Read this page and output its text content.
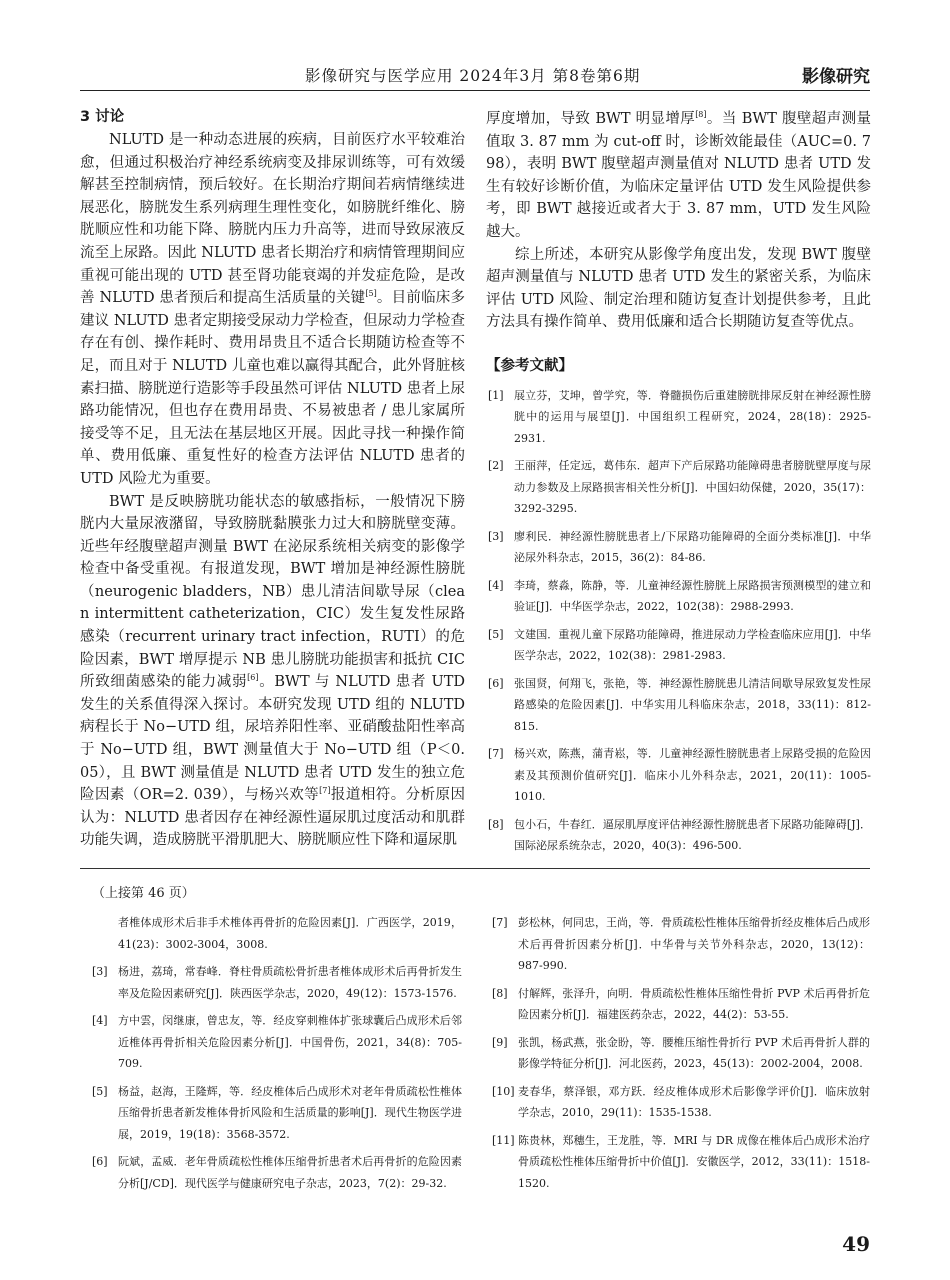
影像研究与医学应用 2024年3月 第8卷第6期	影像研究
3 讨论

NLUTD 是一种动态进展的疾病，目前医疗水平较难治愈，但通过积极治疗神经系统病变及排尿训练等，可有效缓解甚至控制病情，预后较好。在长期治疗期间若病情继续进展恶化，膀胱发生系列病理生理性变化，如膀胱纤维化、膀胱顺应性和功能下降、膀胱内压力升高等，进而导致尿液反流至上尿路。因此 NLUTD 患者长期治疗和病情管理期间应重视可能出现的 UTD 甚至肾功能衰竭的并发症危险，是改善 NLUTD 患者预后和提高生活质量的关键[5]。目前临床多建议 NLUTD 患者定期接受尿动力学检查，但尿动力学检查存在有创、操作耗时、费用昂贵且不适合长期随访检查等不足，而且对于 NLUTD 儿童也难以赢得其配合，此外肾脏核素扫描、膀胱逆行造影等手段虽然可评估 NLUTD 患者上尿路功能情况，但也存在费用昂贵、不易被患者 / 患儿家属所接受等不足，且无法在基层地区开展。因此寻找一种操作简单、费用低廉、重复性好的检查方法评估 NLUTD 患者的 UTD 风险尤为重要。

BWT 是反映膀胱功能状态的敏感指标，一般情况下膀胱内大量尿液潴留，导致膀胱黏膜张力过大和膀胱壁变薄。近些年经腹壁超声测量 BWT 在泌尿系统相关病变的影像学检查中备受重视。有报道发现，BWT 增加是神经源性膀胱（neurogenic bladders，NB）患儿清洁间歇导尿（clean intermittent catheterization，CIC）发生复发性尿路感染（recurrent urinary tract infection，RUTI）的危险因素，BWT 增厚提示 NB 患儿膀胱功能损害和抵抗 CIC 所致细菌感染的能力减弱[6]。BWT 与 NLUTD 患者 UTD 发生的关系值得深入探讨。本研究发现 UTD 组的 NLUTD 病程长于 No−UTD 组，尿培养阳性率、亚硝酸盐阳性率高于 No−UTD 组，BWT 测量值大于 No−UTD 组（P＜0. 05），且 BWT 测量值是 NLUTD 患者 UTD 发生的独立危险因素（OR=2. 039），与杨兴欢等[7]报道相符。分析原因认为：NLUTD 患者因存在神经源性逼尿肌过度活动和肌群功能失调，造成膀胱平滑肌肥大、膀胱顺应性下降和逼尿肌

厚度增加，导致 BWT 明显增厚[8]。当 BWT 腹壁超声测量值取 3. 87 mm 为 cut-off 时，诊断效能最佳（AUC=0. 798），表明 BWT 腹壁超声测量值对 NLUTD 患者 UTD 发生有较好诊断价值，为临床定量评估 UTD 发生风险提供参考，即 BWT 越接近或者大于 3. 87 mm，UTD 发生风险越大。

综上所述，本研究从影像学角度出发，发现 BWT 腹壁超声测量值与 NLUTD 患者 UTD 发生的紧密关系，为临床评估 UTD 风险、制定治理和随访复查计划提供参考，且此方法具有操作简单、费用低廉和适合长期随访复查等优点。

【参考文献】
[1] 展立芬，艾坤，曾学究，等．脊髓损伤后重建膀胱排尿反射在神经源性膀胱中的运用与展望[J]．中国组织工程研究，2024，28(18)：2925-2931.
[2] 王丽萍，任定远，葛伟东．超声下产后尿路功能障碍患者膀胱壁厚度与尿动力参数及上尿路损害相关性分析[J]．中国妇幼保健，2020，35(17)：3292-3295.
[3] 廖利民．神经源性膀胱患者上/下尿路功能障碍的全面分类标准[J]．中华泌尿外科杂志，2015，36(2)：84-86.
[4] 李琦，蔡淼，陈静，等．儿童神经源性膀胱上尿路损害预测模型的建立和验证[J]．中华医学杂志，2022，102(38)：2988-2993.
[5] 文建国．重视儿童下尿路功能障碍，推进尿动力学检查临床应用[J]．中华医学杂志，2022，102(38)：2981-2983.
[6] 张国贤，何翔飞，张艳，等．神经源性膀胱患儿清洁间歇导尿致复发性尿路感染的危险因素[J]．中华实用儿科临床杂志，2018，33(11)：812-815.
[7] 杨兴欢，陈燕，蒲青崧，等．儿童神经源性膀胱患者上尿路受损的危险因素及其预测价值研究[J]．临床小儿外科杂志，2021，20(11)：1005-1010.
[8] 包小石，牛春红．逼尿肌厚度评估神经源性膀胱患者下尿路功能障碍[J]．国际泌尿系统杂志，2020，40(3)：496-500.
（上接第 46 页）
者椎体成形术后非手术椎体再骨折的危险因素[J]．广西医学，2019，41(23)：3002-3004，3008.
[3] 杨进，荔琦，常春峰．脊柱骨质疏松骨折患者椎体成形术后再骨折发生率及危险因素研究[J]．陕西医学杂志，2020，49(12)：1573-1576.
[4] 方中雲，闵继康，曾忠友，等．经皮穿刺椎体扩张球囊后凸成形术后邻近椎体再骨折相关危险因素分析[J]．中国骨伤，2021，34(8)：705-709.
[5] 杨益，赵海，王隆辉，等．经皮椎体后凸成形术对老年骨质疏松性椎体压缩骨折患者新发椎体骨折风险和生活质量的影响[J]．现代生物医学进展，2019，19(18)：3568-3572.
[6] 阮斌，孟威．老年骨质疏松性椎体压缩骨折患者术后再骨折的危险因素分析[J/CD]．现代医学与健康研究电子杂志，2023，7(2)：29-32.
[7] 彭松林，何同忠，王尚，等．骨质疏松性椎体压缩骨折经皮椎体后凸成形术后再骨折因素分析[J]．中华骨与关节外科杂志，2020，13(12)：987-990.
[8] 付解辉，张泽升，向明．骨质疏松性椎体压缩性骨折 PVP 术后再骨折危险因素分析[J]．福建医药杂志，2022，44(2)：53-55.
[9] 张凯，杨武燕，张金盼，等．腰椎压缩性骨折行 PVP 术后再骨折人群的影像学特征分析[J]．河北医药，2023，45(13)：2002-2004，2008.
[10] 麦春华，蔡泽银，邓方跃．经皮椎体成形术后影像学评价[J]．临床放射学杂志，2010，29(11)：1535-1538.
[11] 陈贵林，郑穗生，王龙胜，等．MRI 与 DR 成像在椎体后凸成形术治疗骨质疏松性椎体压缩骨折中价值[J]．安徽医学，2012，33(11)：1518-1520.
49
